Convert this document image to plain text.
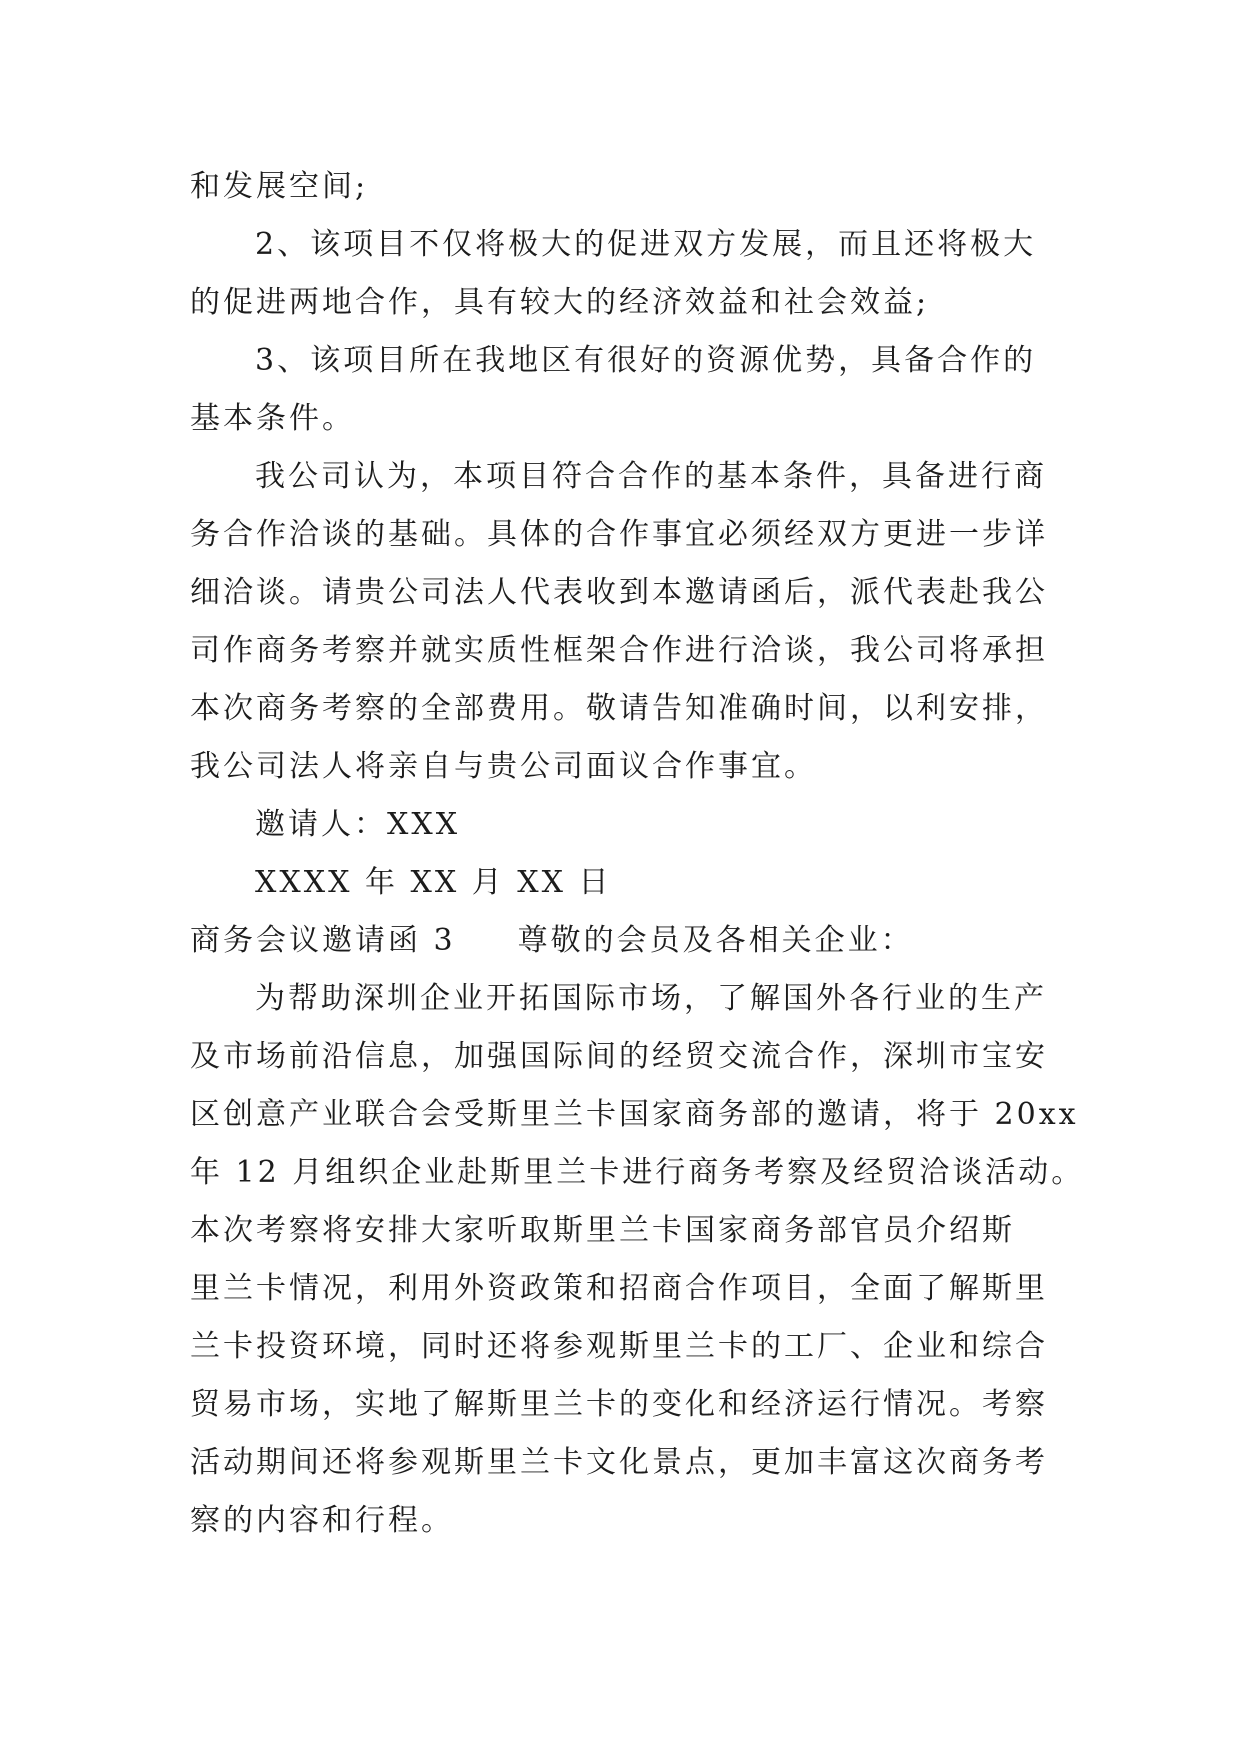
和发展空间;
2、该项目不仅将极大的促进双方发展，而且还将极大
的促进两地合作，具有较大的经济效益和社会效益;
3、该项目所在我地区有很好的资源优势，具备合作的
基本条件。
我公司认为，本项目符合合作的基本条件，具备进行商
务合作洽谈的基础。具体的合作事宜必须经双方更进一步详
细洽谈。请贵公司法人代表收到本邀请函后，派代表赴我公
司作商务考察并就实质性框架合作进行洽谈，我公司将承担
本次商务考察的全部费用。敬请告知准确时间，以利安排，
我公司法人将亲自与贵公司面议合作事宜。
邀请人：XXX
XXXX 年 XX 月 XX 日
商务会议邀请函 3 尊敬的会员及各相关企业：
为帮助深圳企业开拓国际市场，了解国外各行业的生产
及市场前沿信息，加强国际间的经贸交流合作，深圳市宝安
区创意产业联合会受斯里兰卡国家商务部的邀请，将于 20xx
年 12 月组织企业赴斯里兰卡进行商务考察及经贸洽谈活动。
本次考察将安排大家听取斯里兰卡国家商务部官员介绍斯
里兰卡情况，利用外资政策和招商合作项目，全面了解斯里
兰卡投资环境，同时还将参观斯里兰卡的工厂、企业和综合
贸易市场，实地了解斯里兰卡的变化和经济运行情况。考察
活动期间还将参观斯里兰卡文化景点，更加丰富这次商务考
察的内容和行程。
